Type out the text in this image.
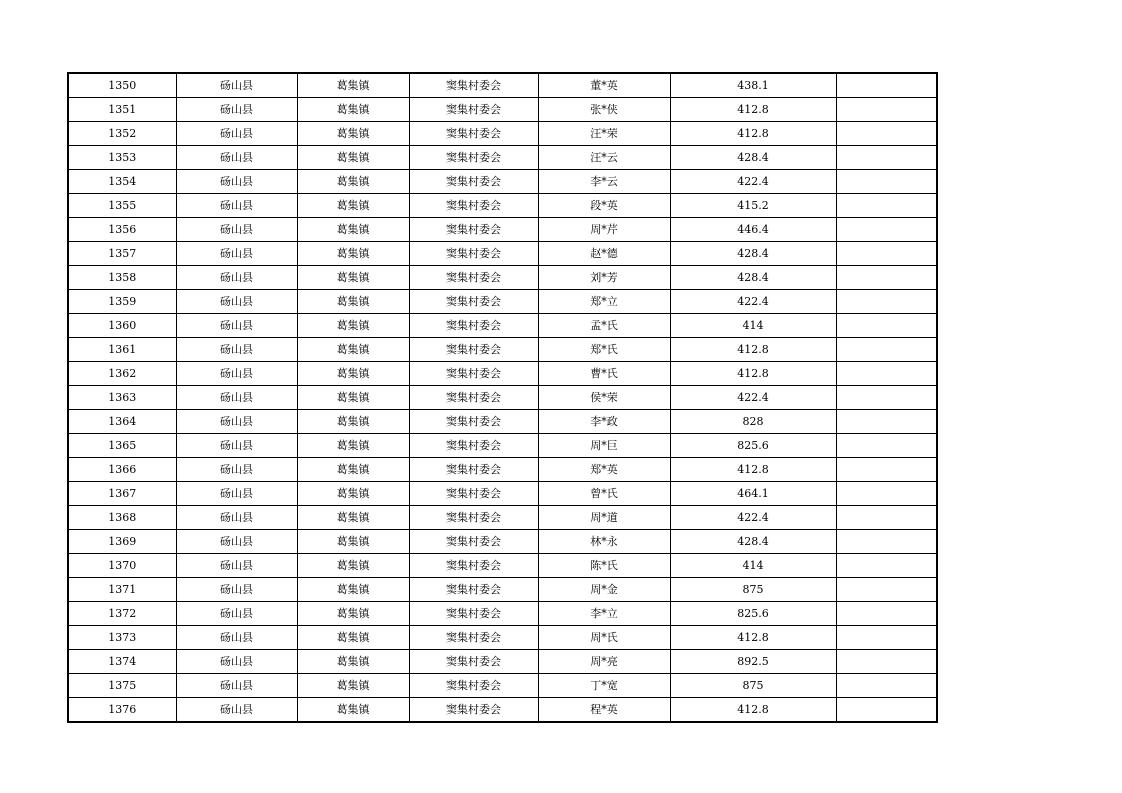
1350	砀山县	葛集镇	窦集村委会	董*英	438.1	
1351	砀山县	葛集镇	窦集村委会	张*侠	412.8	
1352	砀山县	葛集镇	窦集村委会	汪*荣	412.8	
1353	砀山县	葛集镇	窦集村委会	汪*云	428.4	
1354	砀山县	葛集镇	窦集村委会	李*云	422.4	
1355	砀山县	葛集镇	窦集村委会	段*英	415.2	
1356	砀山县	葛集镇	窦集村委会	周*芹	446.4	
1357	砀山县	葛集镇	窦集村委会	赵*德	428.4	
1358	砀山县	葛集镇	窦集村委会	刘*芳	428.4	
1359	砀山县	葛集镇	窦集村委会	郑*立	422.4	
1360	砀山县	葛集镇	窦集村委会	孟*氏	414	
1361	砀山县	葛集镇	窦集村委会	郑*氏	412.8	
1362	砀山县	葛集镇	窦集村委会	曹*氏	412.8	
1363	砀山县	葛集镇	窦集村委会	侯*荣	422.4	
1364	砀山县	葛集镇	窦集村委会	李*政	828	
1365	砀山县	葛集镇	窦集村委会	周*巨	825.6	
1366	砀山县	葛集镇	窦集村委会	郑*英	412.8	
1367	砀山县	葛集镇	窦集村委会	曾*氏	464.1	
1368	砀山县	葛集镇	窦集村委会	周*道	422.4	
1369	砀山县	葛集镇	窦集村委会	林*永	428.4	
1370	砀山县	葛集镇	窦集村委会	陈*氏	414	
1371	砀山县	葛集镇	窦集村委会	周*金	875	
1372	砀山县	葛集镇	窦集村委会	李*立	825.6	
1373	砀山县	葛集镇	窦集村委会	周*氏	412.8	
1374	砀山县	葛集镇	窦集村委会	周*亮	892.5	
1375	砀山县	葛集镇	窦集村委会	丁*宽	875	
1376	砀山县	葛集镇	窦集村委会	程*英	412.8	
